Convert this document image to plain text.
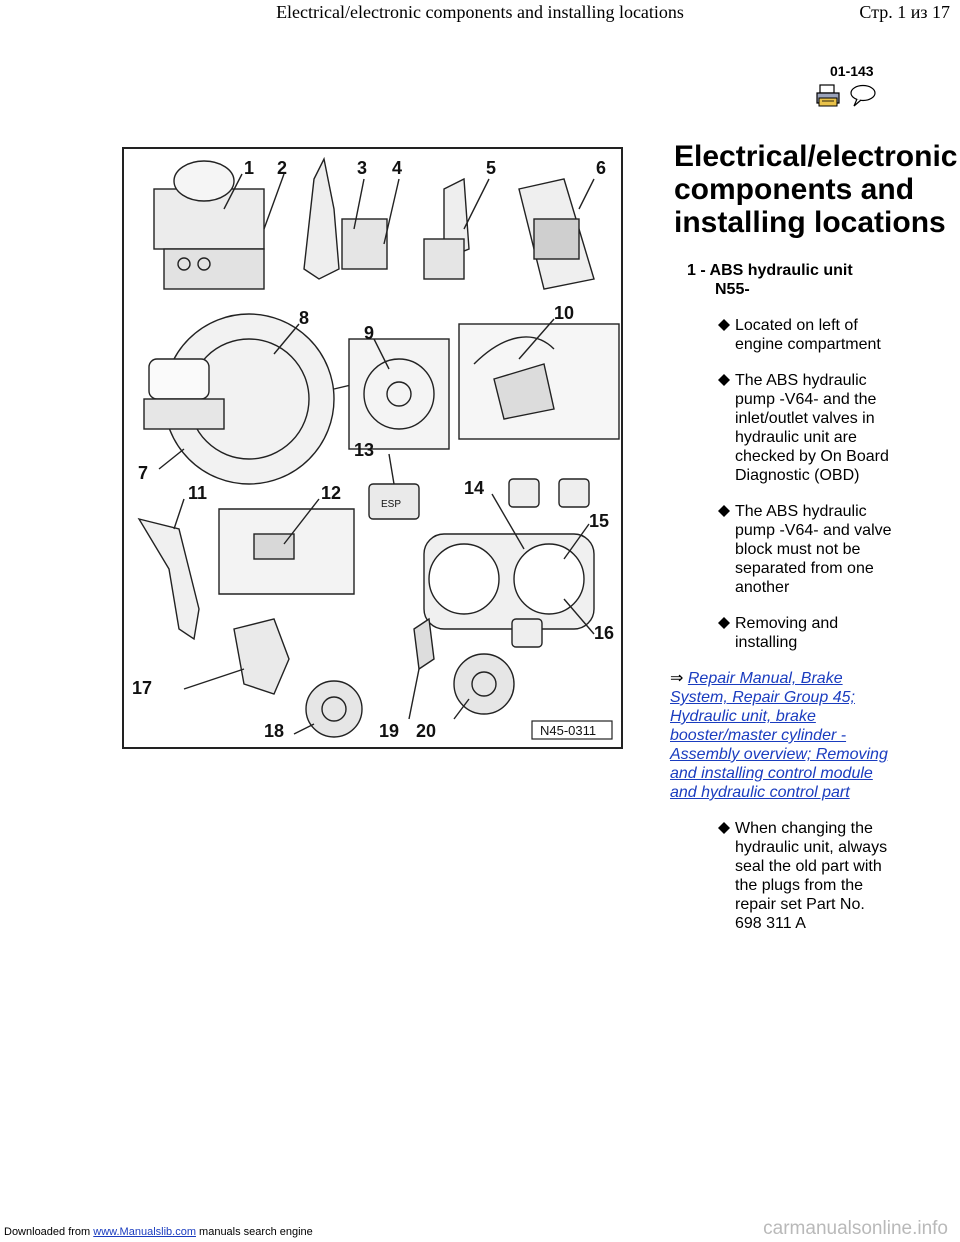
Electrical/electronic components and installing locations	Стр. 1 из 17
01-143
1 2	3 4	5	6
7
8
9
10
11	12
13
14
15
16
17
18	19 20
ESP
N45-0311
Electrical/electronic
components and
installing locations
1 - ABS hydraulic unit
N55-
Located on left of
engine compartment
The ABS hydraulic
pump -V64- and the
inlet/outlet valves in
hydraulic unit are
checked by On Board
Diagnostic (OBD)
The ABS hydraulic
pump -V64- and valve
block must not be
separated from one
another
Removing and
installing
⇒ Repair Manual, Brake
System, Repair Group 45;
Hydraulic unit, brake
booster/master cylinder -
Assembly overview; Removing
and installing control module
and hydraulic control part
When changing the
hydraulic unit, always
seal the old part with
the plugs from the
repair set Part No.
698 311 A
Downloaded from www.Manualslib.com manuals search engine	carmanualsonline.info
